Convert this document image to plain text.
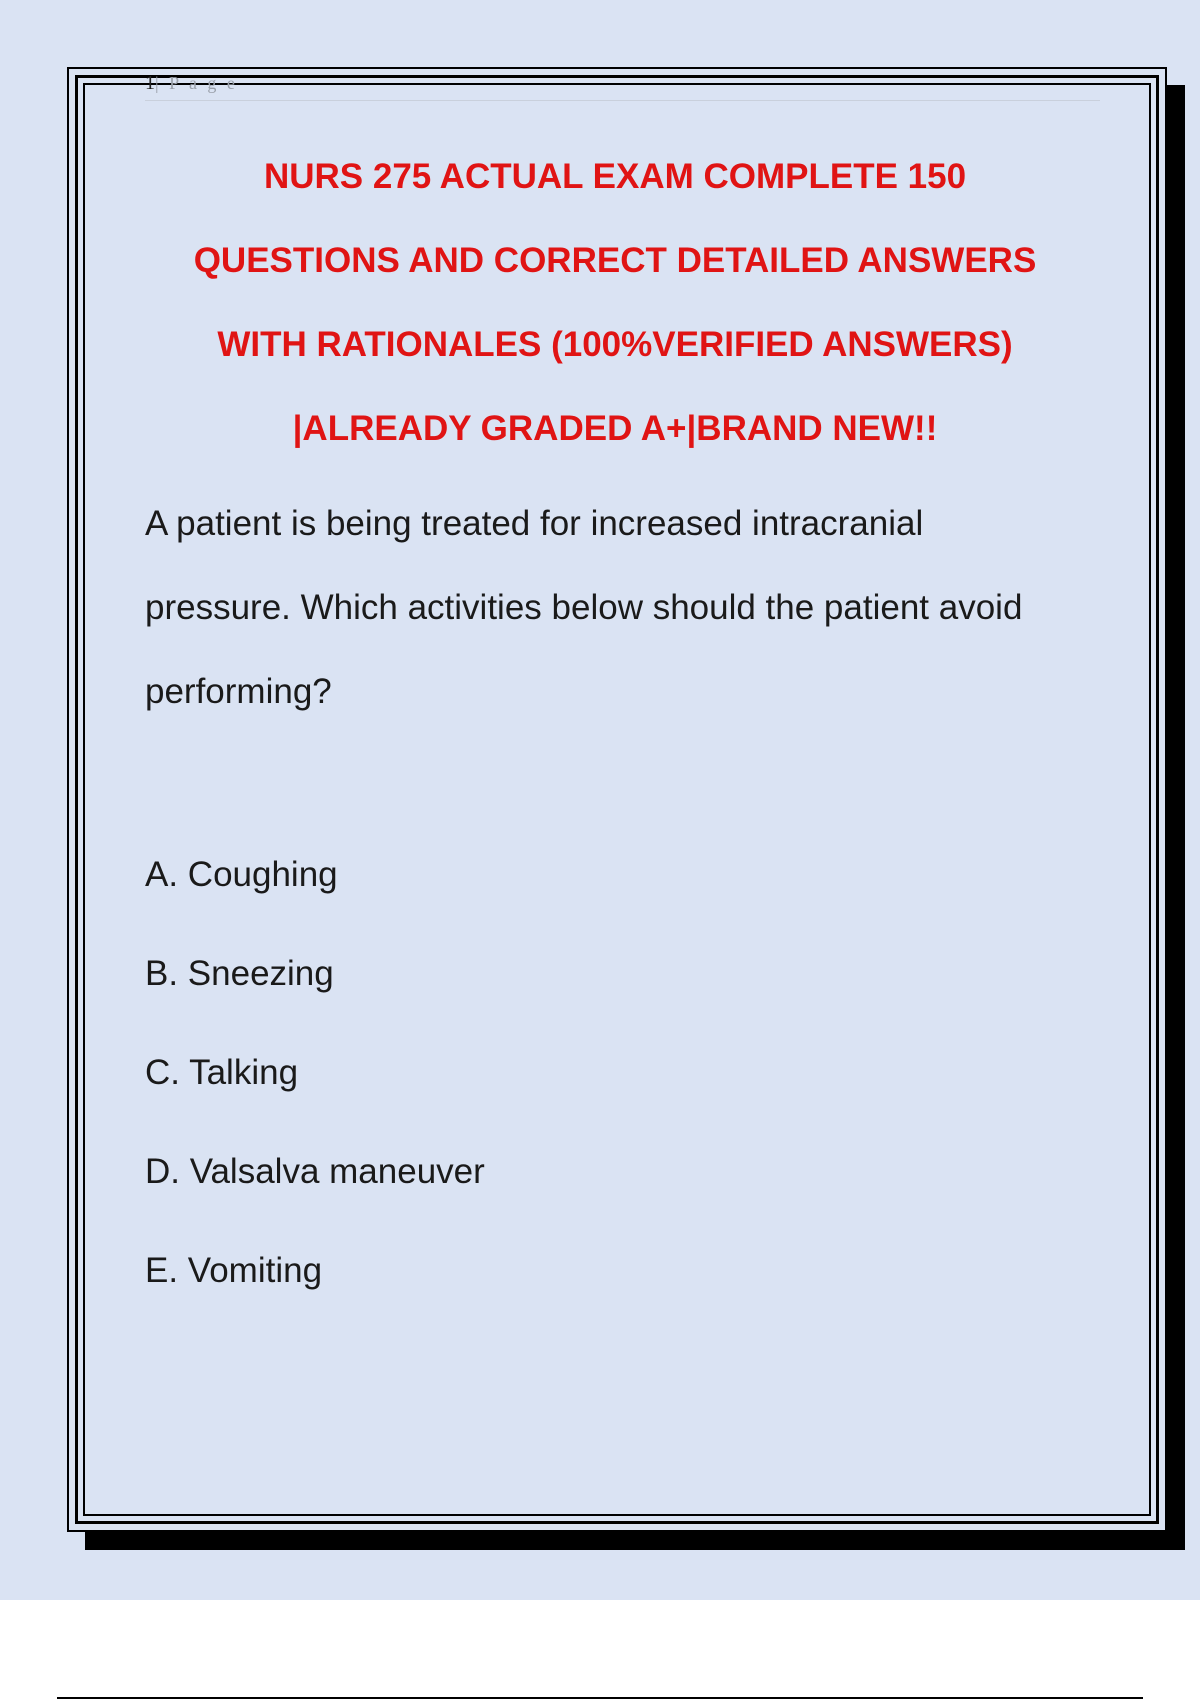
1| P a g e
NURS 275 ACTUAL EXAM COMPLETE 150
QUESTIONS AND CORRECT DETAILED ANSWERS
WITH RATIONALES (100%VERIFIED ANSWERS)
|ALREADY GRADED A+|BRAND NEW!!
A patient is being treated for increased intracranial
pressure. Which activities below should the patient avoid
performing?
A. Coughing
B. Sneezing
C. Talking
D. Valsalva maneuver
E. Vomiting
